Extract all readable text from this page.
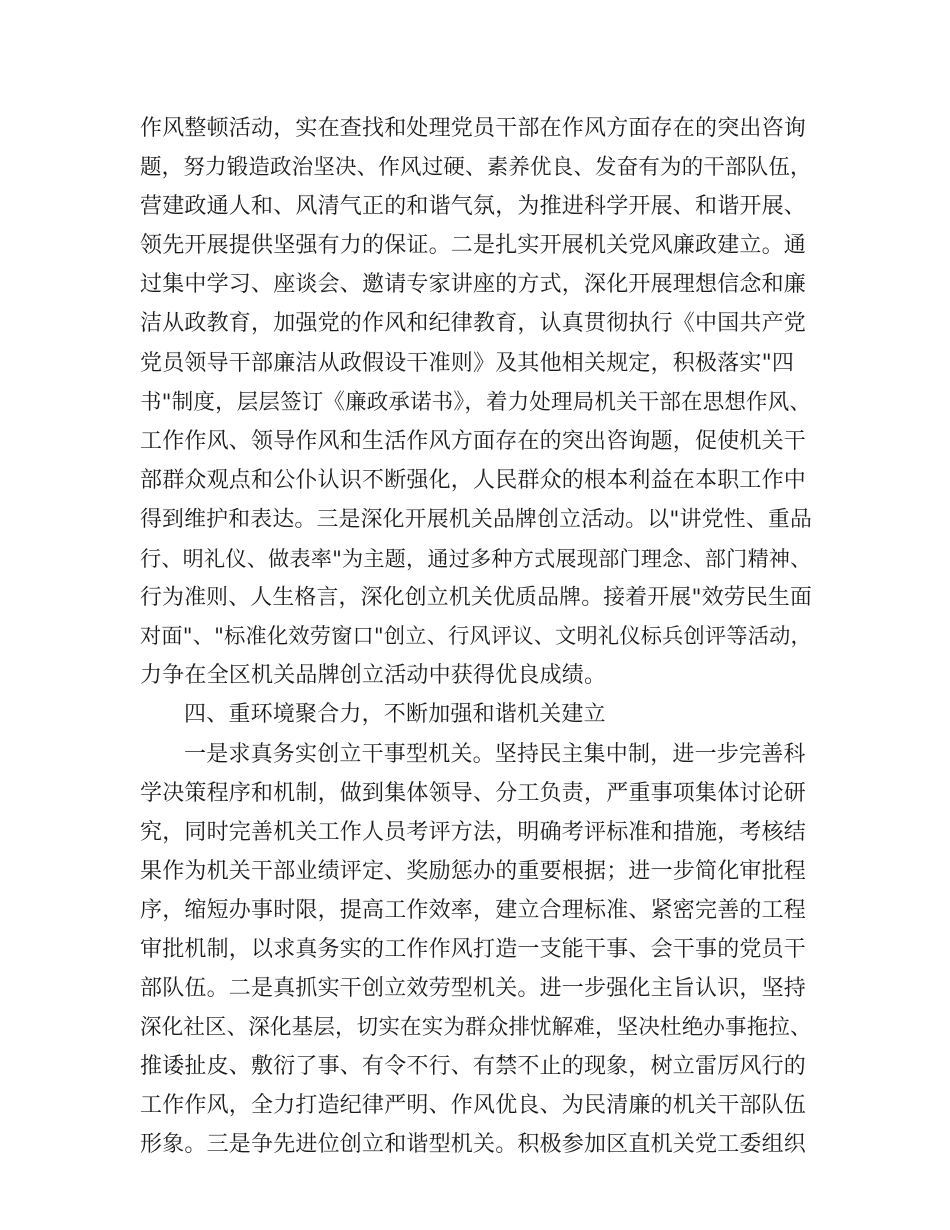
作风整顿活动，实在查找和处理党员干部在作风方面存在的突出咨询
题，努力锻造政治坚决、作风过硬、素养优良、发奋有为的干部队伍，
营建政通人和、风清气正的和谐气氛，为推进科学开展、和谐开展、
领先开展提供坚强有力的保证。二是扎实开展机关党风廉政建立。通
过集中学习、座谈会、邀请专家讲座的方式，深化开展理想信念和廉
洁从政教育，加强党的作风和纪律教育，认真贯彻执行《中国共产党
党员领导干部廉洁从政假设干准则》及其他相关规定，积极落实"四
书"制度，层层签订《廉政承诺书》，着力处理局机关干部在思想作风、
工作作风、领导作风和生活作风方面存在的突出咨询题，促使机关干
部群众观点和公仆认识不断强化，人民群众的根本利益在本职工作中
得到维护和表达。三是深化开展机关品牌创立活动。以"讲党性、重品
行、明礼仪、做表率"为主题，通过多种方式展现部门理念、部门精神、
行为准则、人生格言，深化创立机关优质品牌。接着开展"效劳民生面
对面"、"标准化效劳窗口"创立、行风评议、文明礼仪标兵创评等活动，
力争在全区机关品牌创立活动中获得优良成绩。
四、重环境聚合力，不断加强和谐机关建立
一是求真务实创立干事型机关。坚持民主集中制，进一步完善科
学决策程序和机制，做到集体领导、分工负责，严重事项集体讨论研
究，同时完善机关工作人员考评方法，明确考评标准和措施，考核结
果作为机关干部业绩评定、奖励惩办的重要根据；进一步简化审批程
序，缩短办事时限，提高工作效率，建立合理标准、紧密完善的工程
审批机制，以求真务实的工作作风打造一支能干事、会干事的党员干
部队伍。二是真抓实干创立效劳型机关。进一步强化主旨认识，坚持
深化社区、深化基层，切实在实为群众排忧解难，坚决杜绝办事拖拉、
推诿扯皮、敷衍了事、有令不行、有禁不止的现象，树立雷厉风行的
工作作风，全力打造纪律严明、作风优良、为民清廉的机关干部队伍
形象。三是争先进位创立和谐型机关。积极参加区直机关党工委组织
